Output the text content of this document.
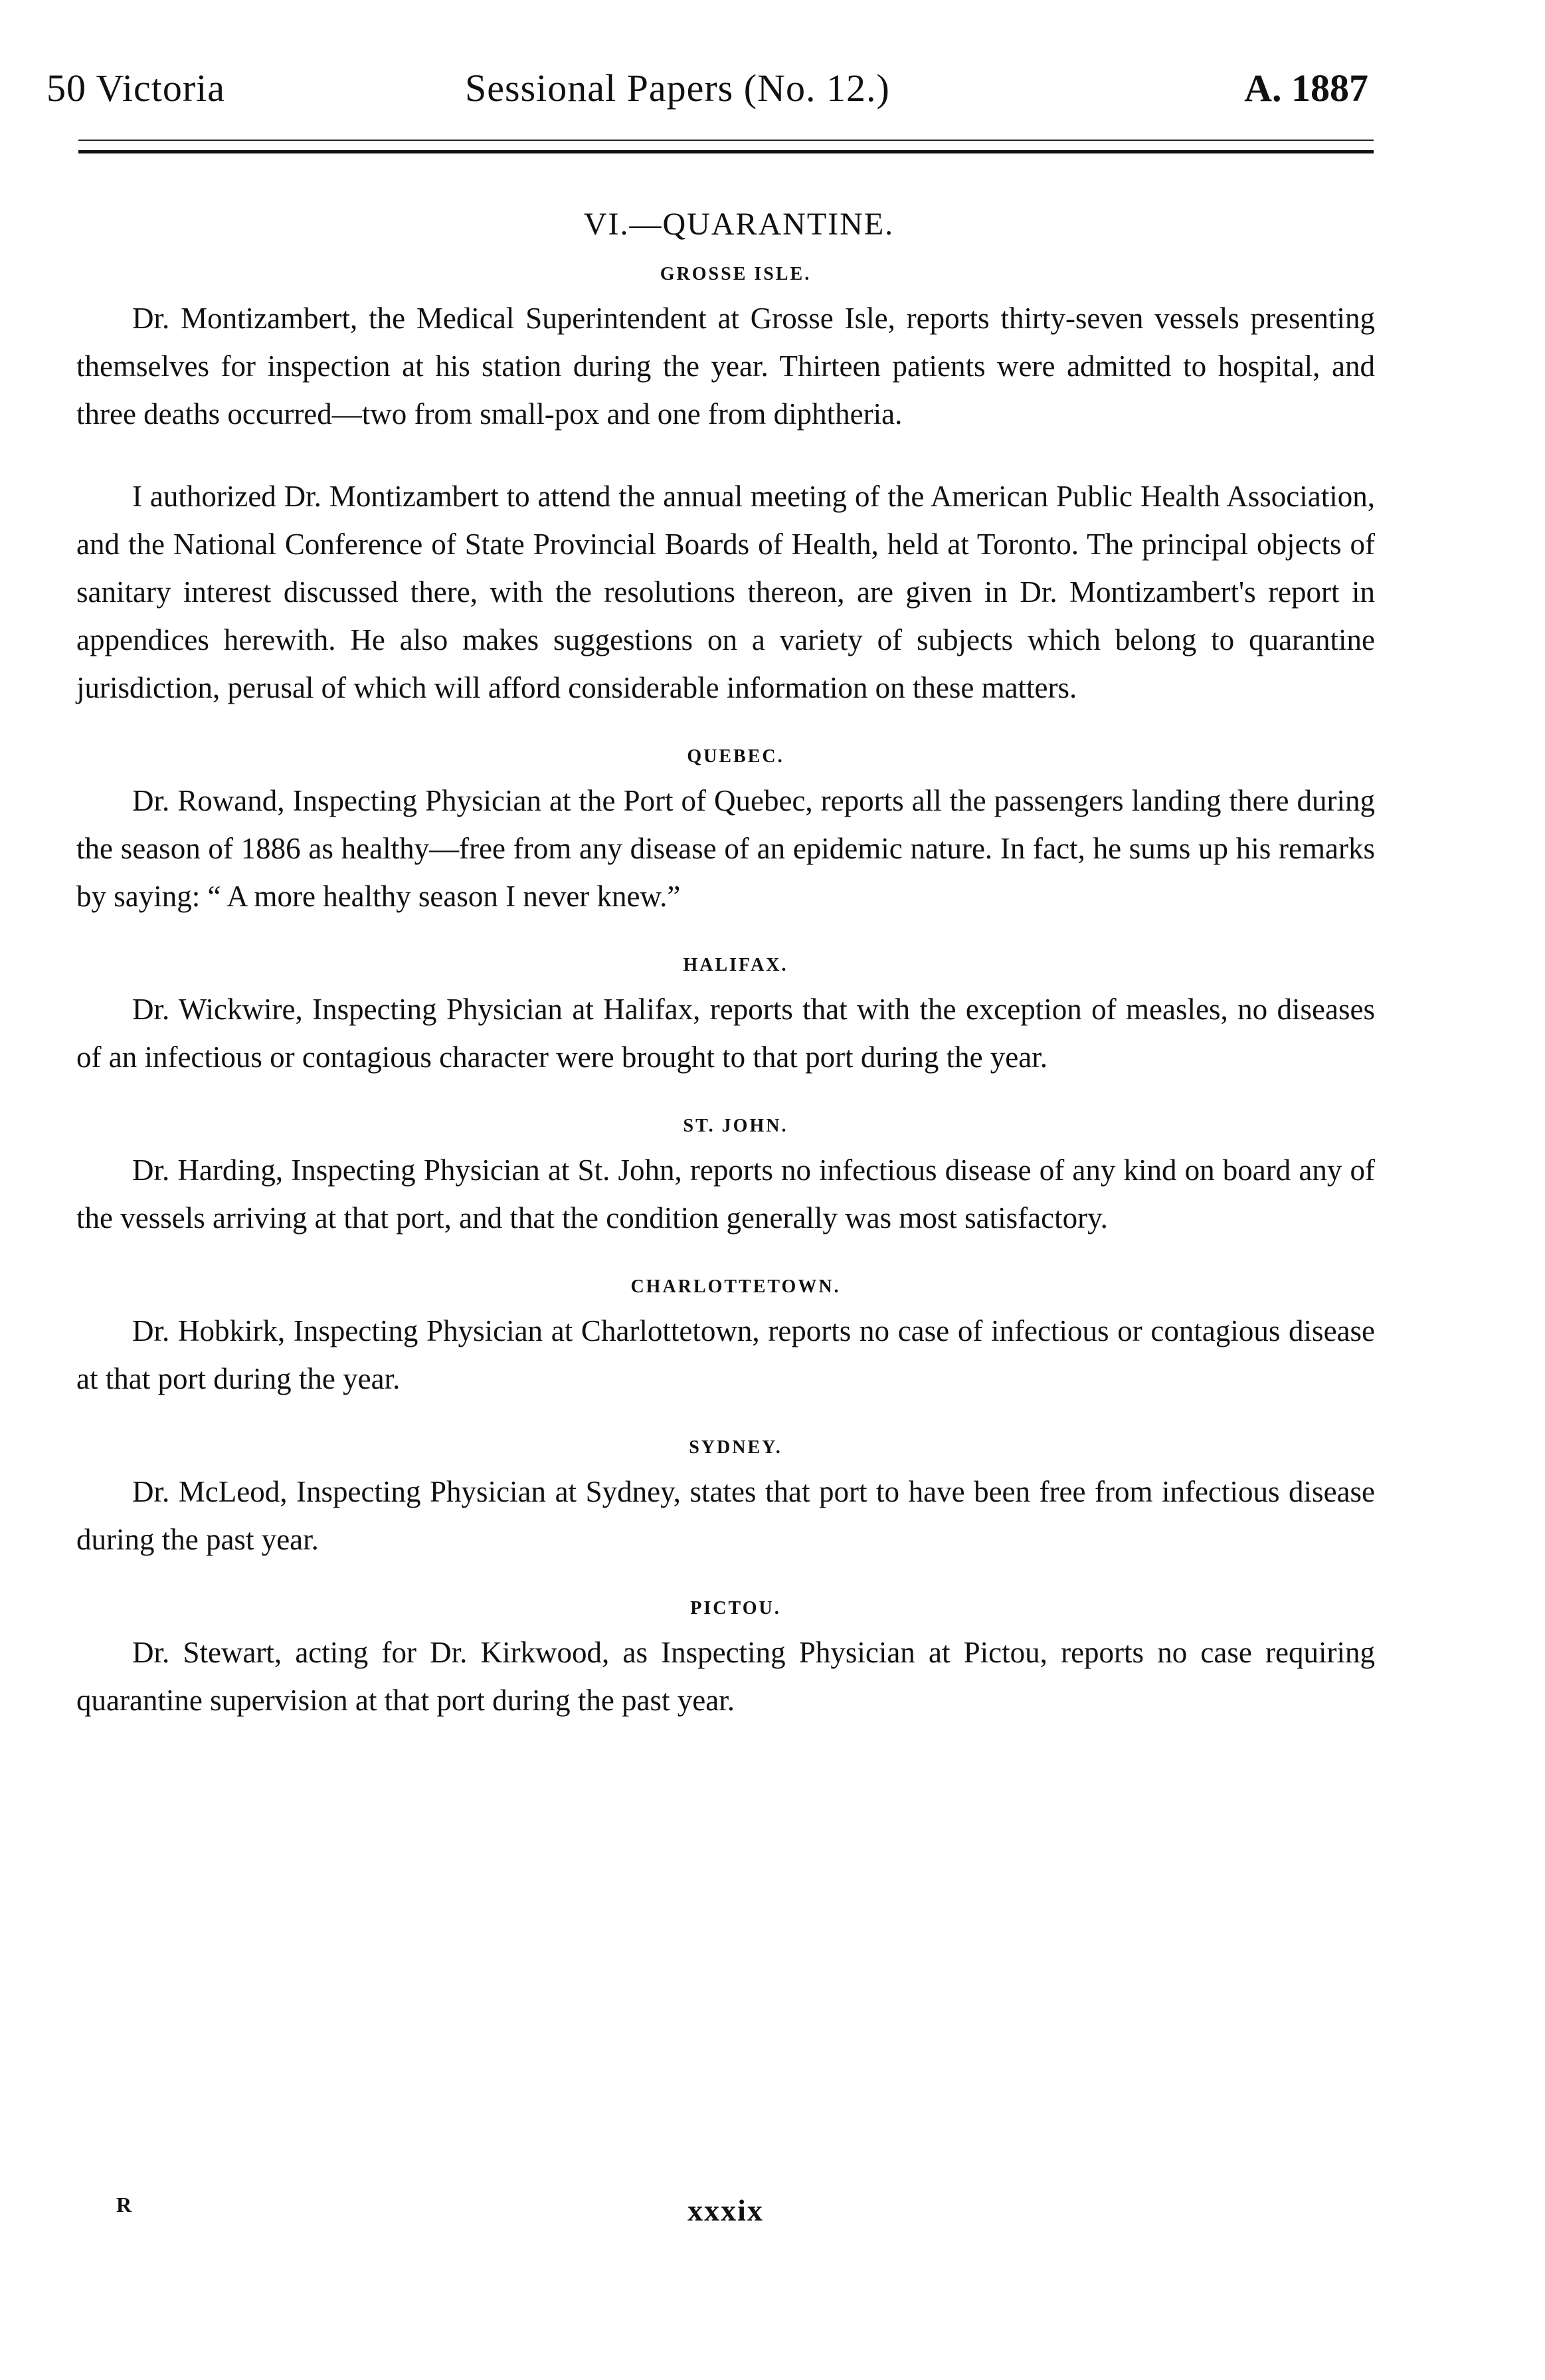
50 Victoria	Sessional Papers (No. 12.)	A. 1887
VI.—QUARANTINE.
GROSSE ISLE.

Dr. Montizambert, the Medical Superintendent at Grosse Isle, reports thirty-seven vessels presenting themselves for inspection at his station during the year. Thirteen patients were admitted to hospital, and three deaths occurred—two from small-pox and one from diphtheria.

I authorized Dr. Montizambert to attend the annual meeting of the American Public Health Association, and the National Conference of State Provincial Boards of Health, held at Toronto. The principal objects of sanitary interest discussed there, with the resolutions thereon, are given in Dr. Montizambert's report in appendices herewith. He also makes suggestions on a variety of subjects which belong to quarantine jurisdiction, perusal of which will afford considerable information on these matters.

QUEBEC.

Dr. Rowand, Inspecting Physician at the Port of Quebec, reports all the passengers landing there during the season of 1886 as healthy—free from any disease of an epidemic nature. In fact, he sums up his remarks by saying: “ A more healthy season I never knew.”

HALIFAX.

Dr. Wickwire, Inspecting Physician at Halifax, reports that with the exception of measles, no diseases of an infectious or contagious character were brought to that port during the year.

ST. JOHN.

Dr. Harding, Inspecting Physician at St. John, reports no infectious disease of any kind on board any of the vessels arriving at that port, and that the condition generally was most satisfactory.

CHARLOTTETOWN.

Dr. Hobkirk, Inspecting Physician at Charlottetown, reports no case of infectious or contagious disease at that port during the year.

SYDNEY.

Dr. McLeod, Inspecting Physician at Sydney, states that port to have been free from infectious disease during the past year.

PICTOU.

Dr. Stewart, acting for Dr. Kirkwood, as Inspecting Physician at Pictou, reports no case requiring quarantine supervision at that port during the past year.

R	xxxix
